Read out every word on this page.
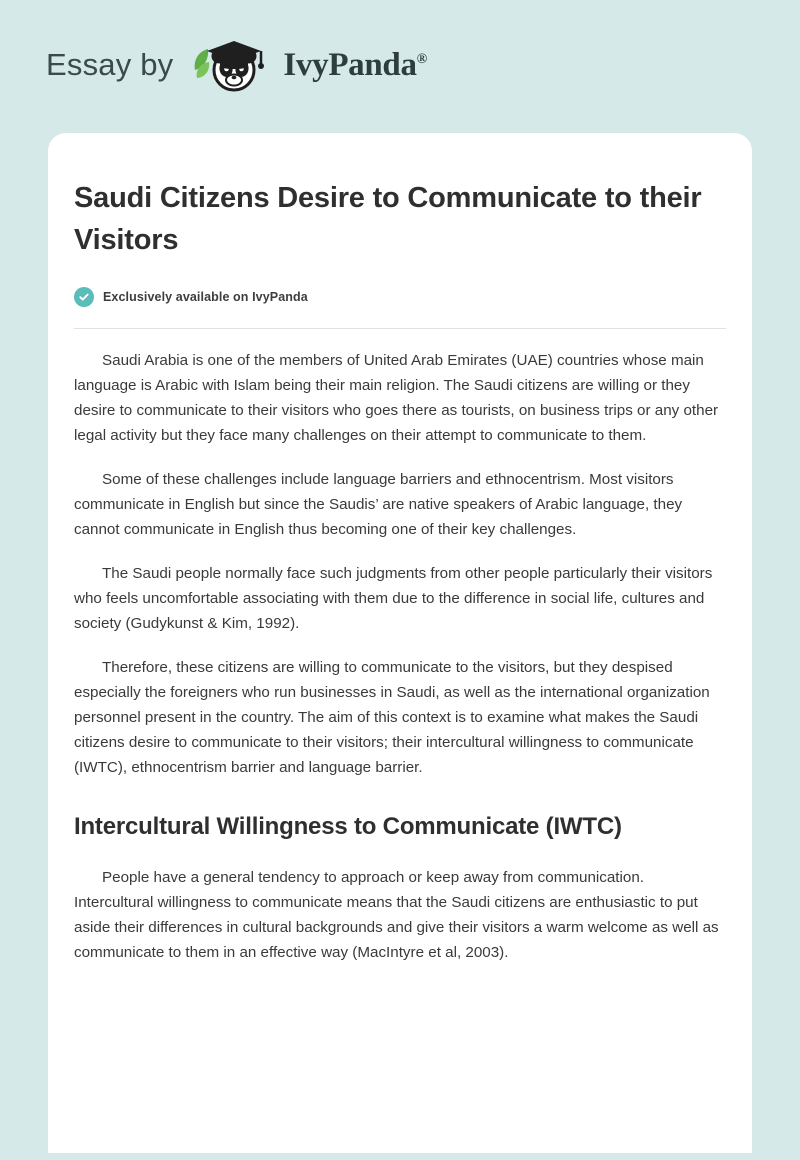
Essay by	IvyPanda®
Saudi Citizens Desire to Communicate to their Visitors
Exclusively available on IvyPanda

Saudi Arabia is one of the members of United Arab Emirates (UAE) countries whose main language is Arabic with Islam being their main religion. The Saudi citizens are willing or they desire to communicate to their visitors who goes there as tourists, on business trips or any other legal activity but they face many challenges on their attempt to communicate to them.

Some of these challenges include language barriers and ethnocentrism. Most visitors communicate in English but since the Saudis’ are native speakers of Arabic language, they cannot communicate in English thus becoming one of their key challenges.

The Saudi people normally face such judgments from other people particularly their visitors who feels uncomfortable associating with them due to the difference in social life, cultures and society (Gudykunst & Kim, 1992).

Therefore, these citizens are willing to communicate to the visitors, but they despised especially the foreigners who run businesses in Saudi, as well as the international organization personnel present in the country. The aim of this context is to examine what makes the Saudi citizens desire to communicate to their visitors; their intercultural willingness to communicate (IWTC), ethnocentrism barrier and language barrier.

Intercultural Willingness to Communicate (IWTC)

People have a general tendency to approach or keep away from communication. Intercultural willingness to communicate means that the Saudi citizens are enthusiastic to put aside their differences in cultural backgrounds and give their visitors a warm welcome as well as communicate to them in an effective way (MacIntyre et al, 2003).
